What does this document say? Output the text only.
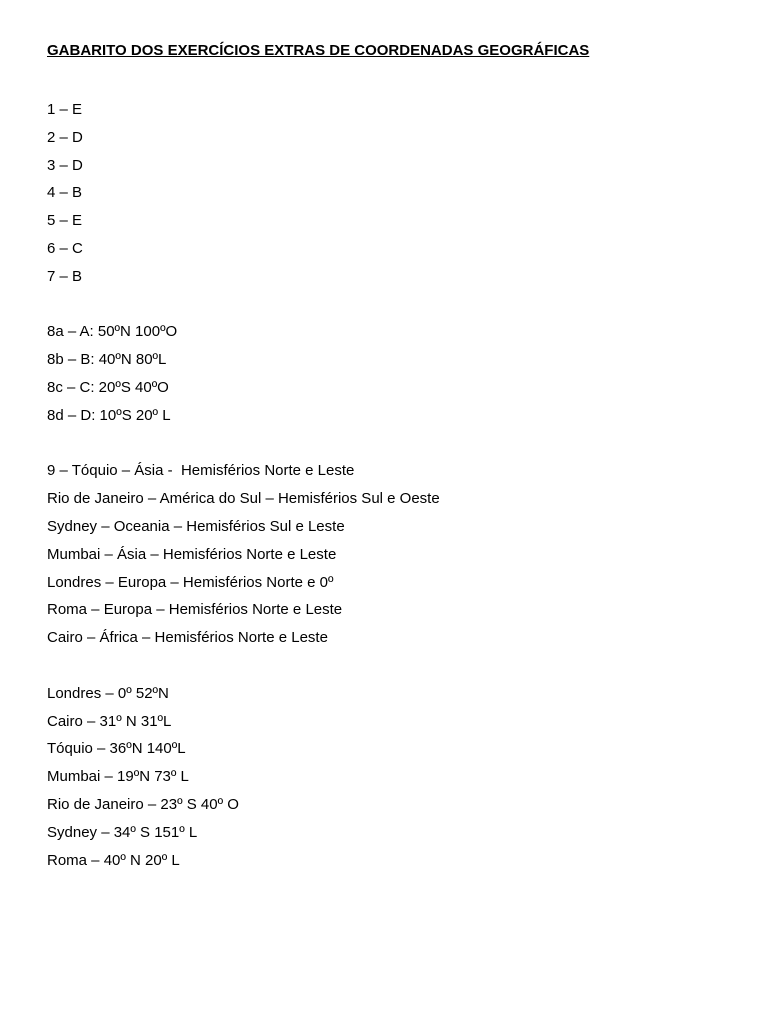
GABARITO DOS EXERCÍCIOS EXTRAS DE COORDENADAS GEOGRÁFICAS
1 – E
2 – D
3 – D
4 – B
5 – E
6 – C
7 – B
8a – A: 50ºN 100ºO
8b – B: 40ºN 80ºL
8c – C: 20ºS 40ºO
8d – D: 10ºS 20º L
9 – Tóquio – Ásia -  Hemisférios Norte e Leste
Rio de Janeiro – América do Sul – Hemisférios Sul e Oeste
Sydney – Oceania – Hemisférios Sul e Leste
Mumbai – Ásia – Hemisférios Norte e Leste
Londres – Europa – Hemisférios Norte e 0º
Roma – Europa – Hemisférios Norte e Leste
Cairo – África – Hemisférios Norte e Leste
Londres – 0º 52ºN
Cairo – 31º N 31ºL
Tóquio – 36ºN 140ºL
Mumbai – 19ºN 73º L
Rio de Janeiro – 23º S 40º O
Sydney – 34º S 151º L
Roma – 40º N 20º L
